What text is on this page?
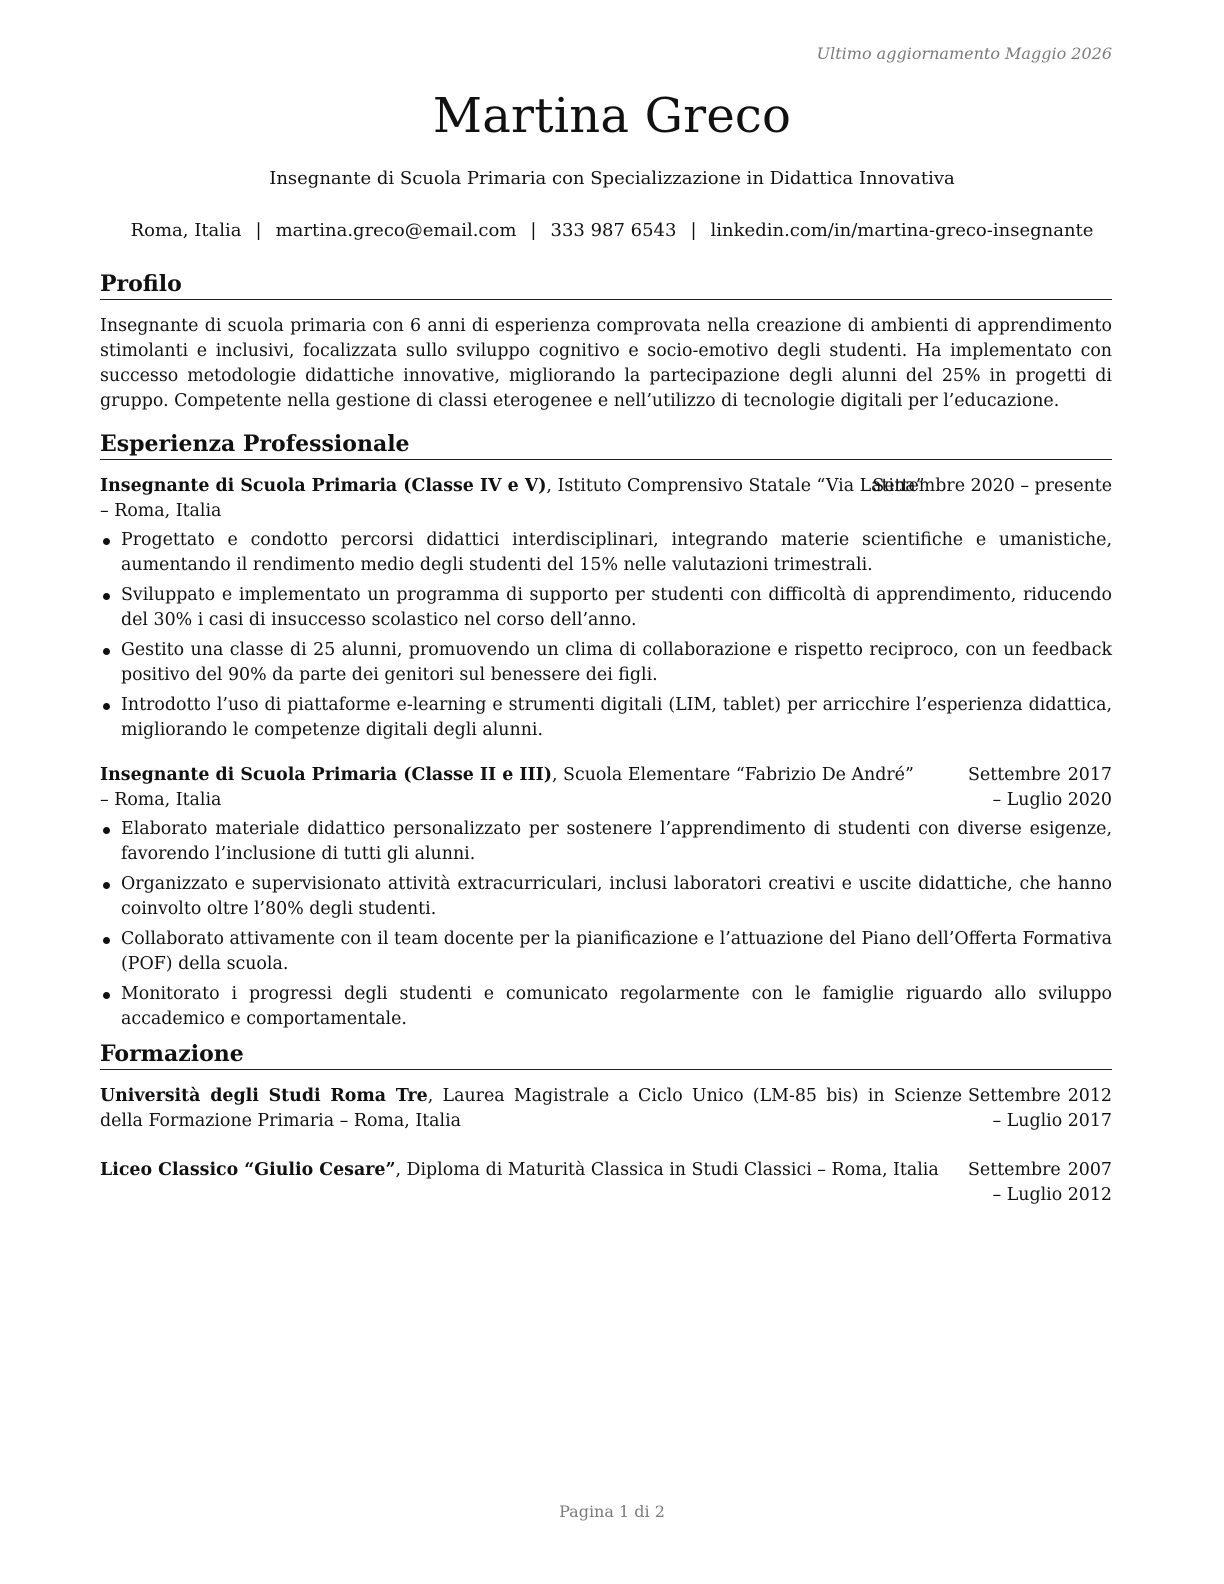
Ultimo aggiornamento Maggio 2026
Martina Greco
Insegnante di Scuola Primaria con Specializzazione in Didattica Innovativa
Roma, Italia | martina.greco@email.com | 333 987 6543 | linkedin.com/in/martina-greco-insegnante
Profilo
Insegnante di scuola primaria con 6 anni di esperienza comprovata nella creazione di ambienti di apprendimento stimolanti e inclusivi, focalizzata sullo sviluppo cognitivo e socio-emotivo degli studenti. Ha implementato con successo metodologie didattiche innovative, migliorando la partecipazione degli alunni del 25% in progetti di gruppo. Competente nella gestione di classi eterogenee e nell’utilizzo di tecnologie digitali per l’educazione.
Esperienza Professionale
Insegnante di Scuola Primaria (Classe IV e V), Istituto Comprensivo Statale “Via Latina”
– Roma, Italia
Settembre 2020 – presente
Progettato e condotto percorsi didattici interdisciplinari, integrando materie scientifiche e umanistiche, aumentando il rendimento medio degli studenti del 15% nelle valutazioni trimestrali.
Sviluppato e implementato un programma di supporto per studenti con difficoltà di apprendimento, riducendo del 30% i casi di insuccesso scolastico nel corso dell’anno.
Gestito una classe di 25 alunni, promuovendo un clima di collaborazione e rispetto reciproco, con un feedback positivo del 90% da parte dei genitori sul benessere dei figli.
Introdotto l’uso di piattaforme e-learning e strumenti digitali (LIM, tablet) per arricchire l’esperienza didattica, migliorando le competenze digitali degli alunni.
Insegnante di Scuola Primaria (Classe II e III), Scuola Elementare “Fabrizio De André”
– Roma, Italia
Settembre 2017 – Luglio 2020
Elaborato materiale didattico personalizzato per sostenere l’apprendimento di studenti con diverse esigenze, favorendo l’inclusione di tutti gli alunni.
Organizzato e supervisionato attività extracurriculari, inclusi laboratori creativi e uscite didattiche, che hanno coinvolto oltre l’80% degli studenti.
Collaborato attivamente con il team docente per la pianificazione e l’attuazione del Piano dell’Offerta Formativa (POF) della scuola.
Monitorato i progressi degli studenti e comunicato regolarmente con le famiglie riguardo allo sviluppo accademico e comportamentale.
Formazione
Università degli Studi Roma Tre, Laurea Magistrale a Ciclo Unico (LM-85 bis) in Scienze della Formazione Primaria – Roma, Italia
Settembre 2012 – Luglio 2017
Liceo Classico “Giulio Cesare”, Diploma di Maturità Classica in Studi Classici – Roma, Italia	Settembre 2007 – Luglio 2012
Pagina 1 di 2
